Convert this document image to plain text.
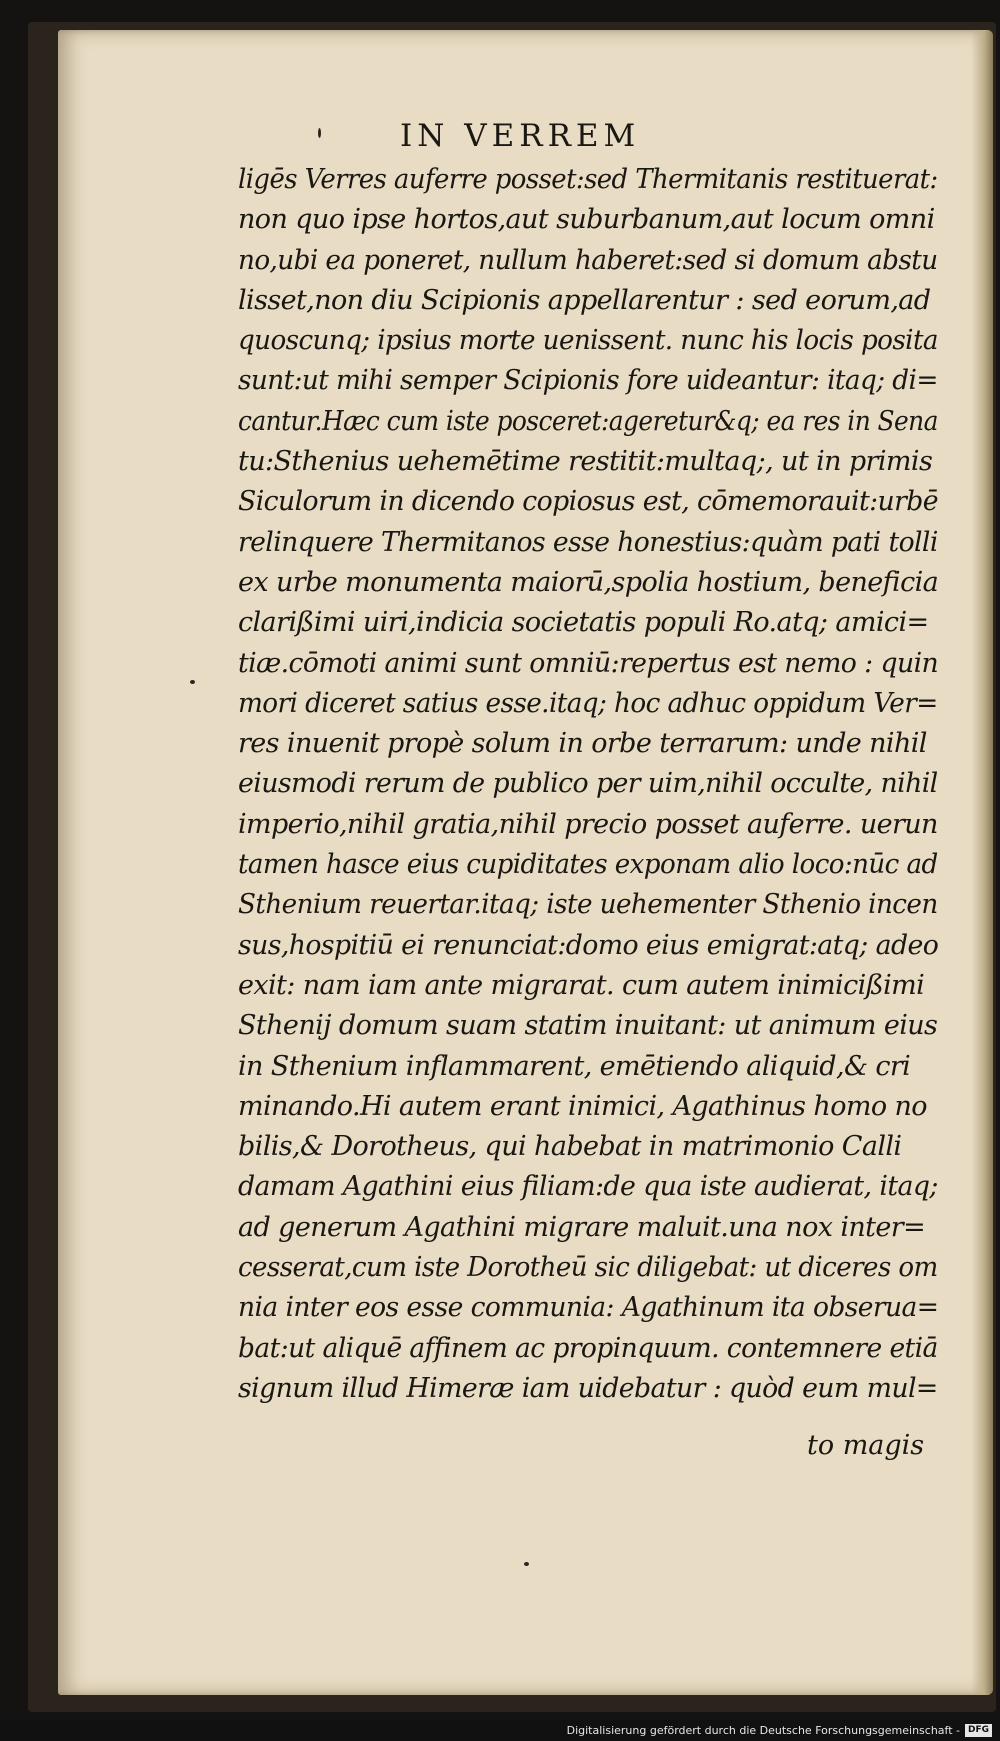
IN VERREM
ligēs Verres auferre posset:sed Thermitanis restituerat:
non quo ipse hortos,aut suburbanum,aut locum omni
no,ubi ea poneret, nullum haberet:sed si domum abstu
lisset,non diu Scipionis appellarentur : sed eorum,ad
quoscunq; ipsius morte uenissent. nunc his locis posita
sunt:ut mihi semper Scipionis fore uideantur: itaq; di=
cantur.Hæc cum iste posceret:ageretur&q; ea res in Sena
tu:Sthenius uehemētime restitit:multaq;, ut in primis
Siculorum in dicendo copiosus est, cōmemorauit:urbē
relinquere Thermitanos esse honestius:quàm pati tolli
ex urbe monumenta maiorū,spolia hostium, beneficia
clarißimi uiri,indicia societatis populi Ro.atq; amici=
tiæ.cōmoti animi sunt omniū:repertus est nemo : quin
mori diceret satius esse.itaq; hoc adhuc oppidum Ver=
res inuenit propè solum in orbe terrarum: unde nihil
eiusmodi rerum de publico per uim,nihil occulte, nihil
imperio,nihil gratia,nihil precio posset auferre. uerun
tamen hasce eius cupiditates exponam alio loco:nūc ad
Sthenium reuertar.itaq; iste uehementer Sthenio incen
sus,hospitiū ei renunciat:domo eius emigrat:atq; adeo
exit: nam iam ante migrarat. cum autem inimicißimi
Sthenij domum suam statim inuitant: ut animum eius
in Sthenium inflammarent, emētiendo aliquid,& cri
minando.Hi autem erant inimici, Agathinus homo no
bilis,& Dorotheus, qui habebat in matrimonio Calli
damam Agathini eius filiam:de qua iste audierat, itaq;
ad generum Agathini migrare maluit.una nox inter=
cesserat,cum iste Dorotheū sic diligebat: ut diceres om
nia inter eos esse communia: Agathinum ita obserua=
bat:ut aliquē affinem ac propinquum. contemnere etiā
signum illud Himeræ iam uidebatur : quòd eum mul=
to magis
Digitalisierung gefördert durch die Deutsche Forschungsgemeinschaft - DFG
